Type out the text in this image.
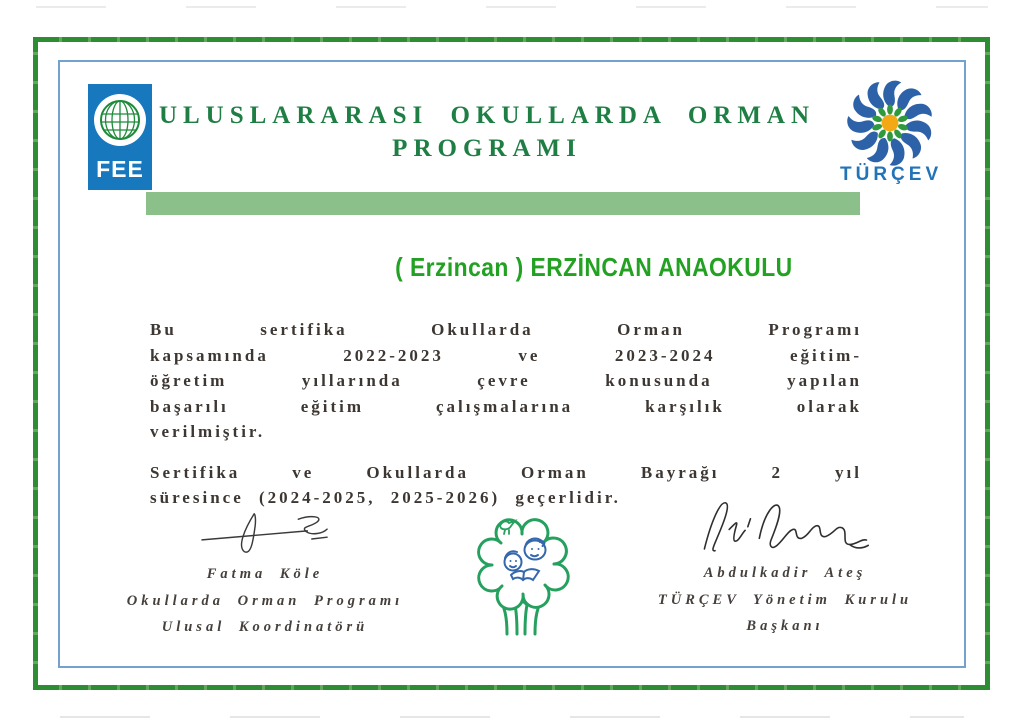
FEE	TÜRÇEV
ULUSLARARASI OKULLARDA ORMAN
PROGRAMI
( Erzincan ) ERZİNCAN ANAOKULU
Bu sertifika Okullarda Orman Programı
kapsamında 2022-2023 ve 2023-2024 eğitim-
öğretim yıllarında çevre konusunda yapılan
başarılı eğitim çalışmalarına karşılık olarak
verilmiştir.
Sertifika ve Okullarda Orman Bayrağı 2 yıl
süresince (2024-2025, 2025-2026) geçerlidir.
Fatma Köle
Okullarda Orman Programı
Ulusal Koordinatörü
Abdulkadir Ateş
TÜRÇEV Yönetim Kurulu
Başkanı
